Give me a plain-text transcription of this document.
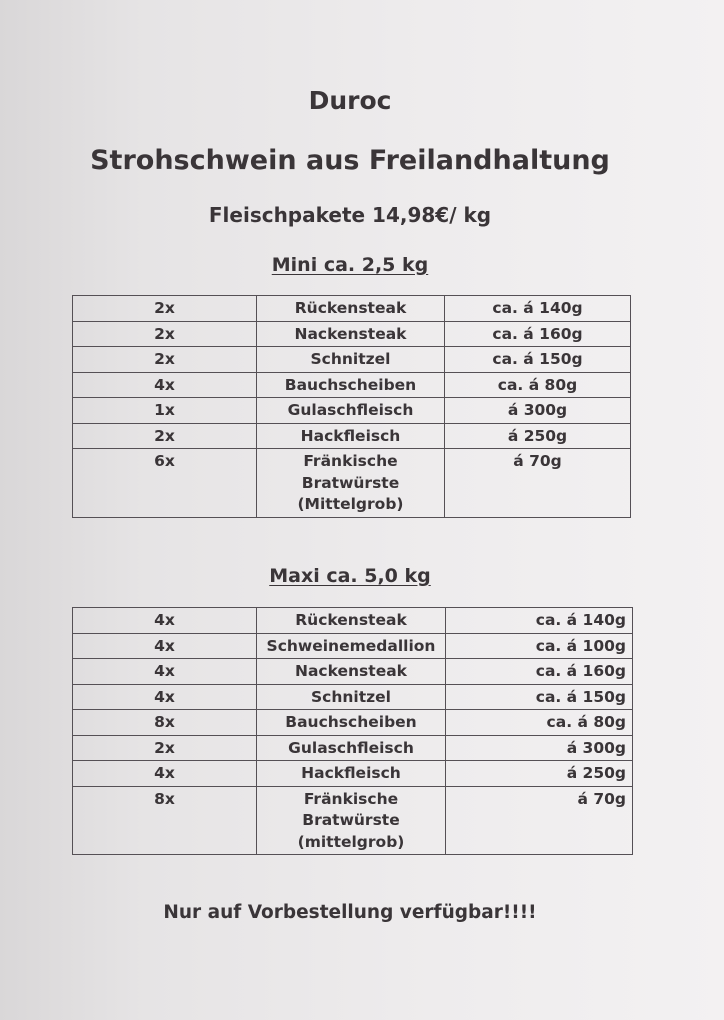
Duroc
Strohschwein aus Freilandhaltung
Fleischpakete 14,98€/ kg
Mini ca. 2,5 kg
2x	Rückensteak	ca. á 140g
2x	Nackensteak	ca. á 160g
2x	Schnitzel	ca. á 150g
4x	Bauchscheiben	ca. á 80g
1x	Gulaschfleisch	á 300g
2x	Hackfleisch	á 250g
6x	Fränkische
Bratwürste
(Mittelgrob)	á 70g
Maxi ca. 5,0 kg
4x	Rückensteak	ca. á 140g
4x	Schweinemedallion	ca. á 100g
4x	Nackensteak	ca. á 160g
4x	Schnitzel	ca. á 150g
8x	Bauchscheiben	ca. á 80g
2x	Gulaschfleisch	á 300g
4x	Hackfleisch	á 250g
8x	Fränkische
Bratwürste
(mittelgrob)	á 70g

Nur auf Vorbestellung verfügbar!!!!
